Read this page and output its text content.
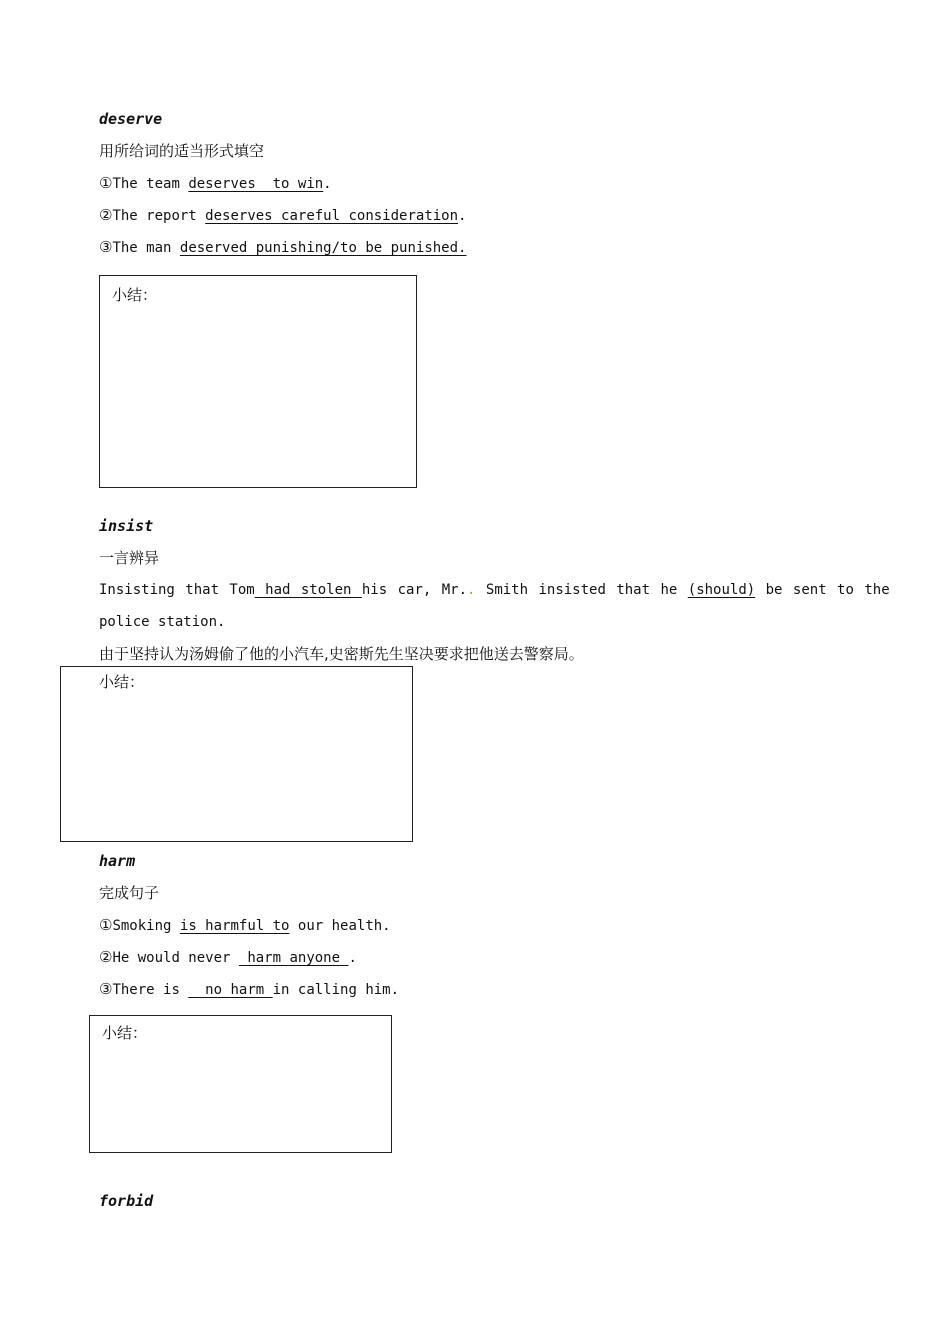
deserve
用所给词的适当形式填空
①The team deserves  to win.
②The report deserves careful consideration.
③The man deserved punishing/to be punished.
小结：
insist
一言辨异
Insisting that Tom had stolen his car, Mr.. Smith insisted that he (should) be sent to the
police station.
由于坚持认为汤姆偷了他的小汽车,史密斯先生坚决要求把他送去警察局。
小结：
harm
完成句子
①Smoking is harmful to our health.
②He would never  harm anyone .
③There is   no harm in calling him.
小结：
forbid
